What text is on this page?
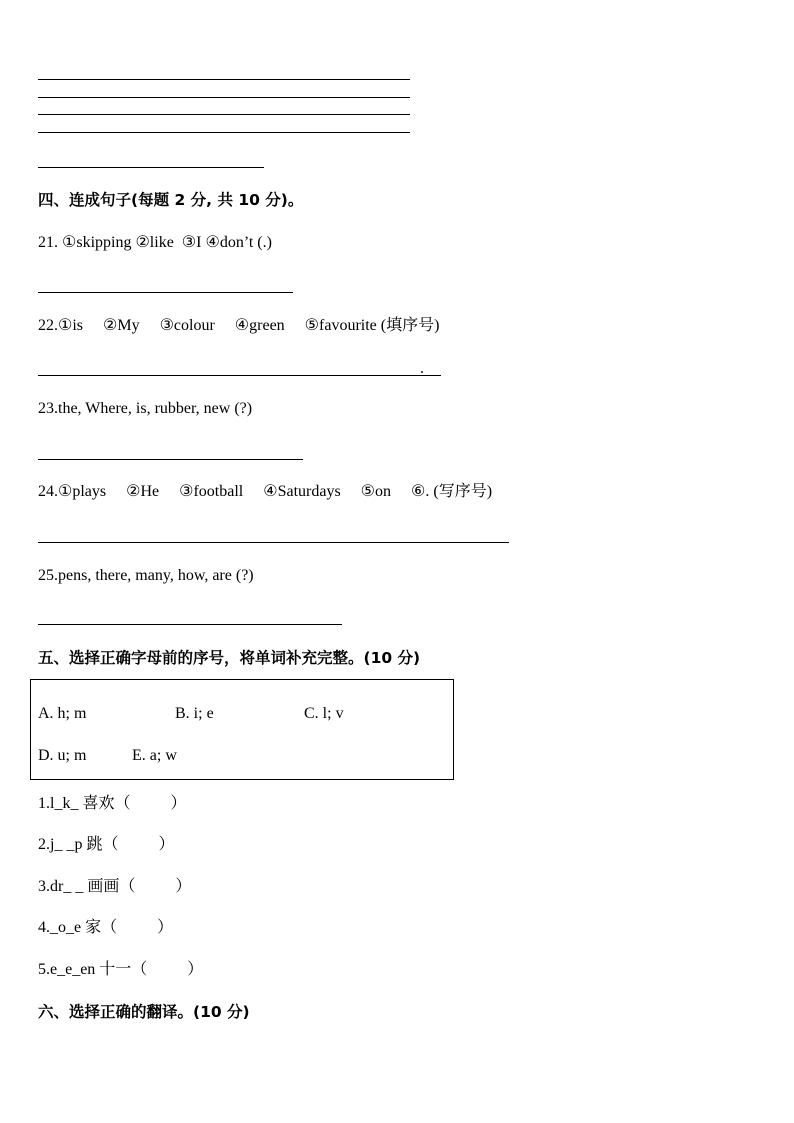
四、连成句子(每题 2 分, 共 10 分)。
21. ①skipping ②like  ③I ④don’t (.)
22.①is     ②My     ③colour     ④green     ⑤favourite (填序号)
.
23.the, Where, is, rubber, new (?)
24.①plays     ②He     ③football     ④Saturdays     ⑤on     ⑥. (写序号)
25.pens, there, many, how, are (?)
五、选择正确字母前的序号，将单词补充完整。(10 分)
A. h; m	B. i; e	C. l; v
D. u; m	E. a; w
1.l_k_ 喜欢（          ）
2.j_ _p 跳（          ）
3.dr_ _ 画画（          ）
4._o_e 家（          ）
5.e_e_en 十一（          ）
六、选择正确的翻译。(10 分)
